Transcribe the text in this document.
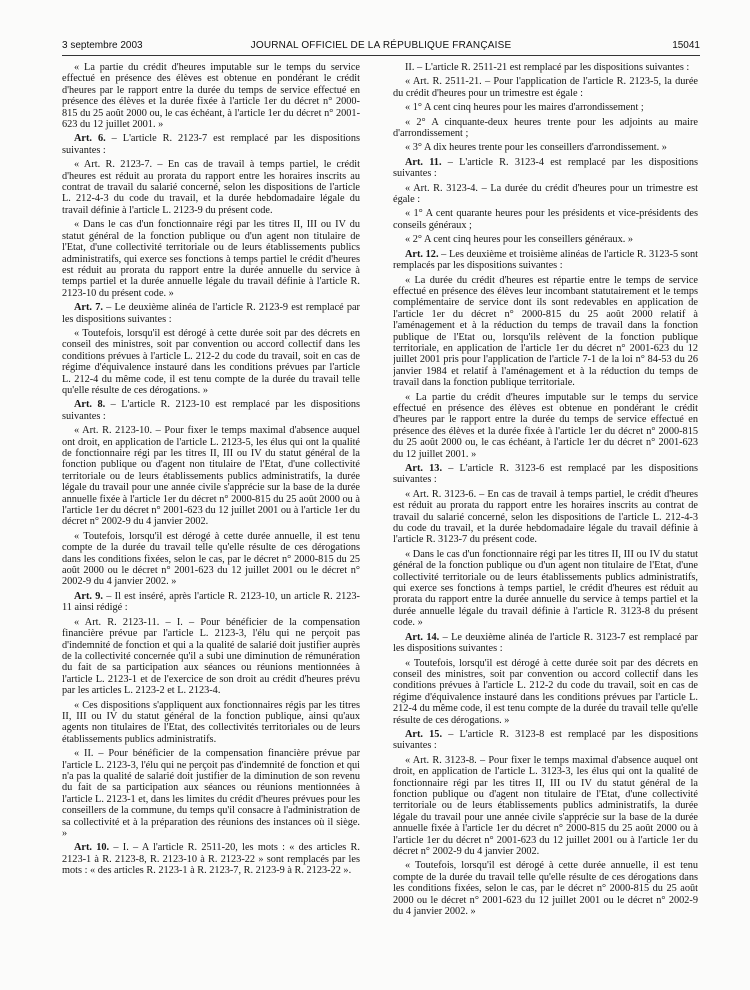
3 septembre 2003	JOURNAL OFFICIEL DE LA RÉPUBLIQUE FRANÇAISE	15041

« La partie du crédit d'heures imputable sur le temps du service effectué en présence des élèves est obtenue en pondérant le crédit d'heures par le rapport entre la durée du temps de service effectué en présence des élèves et la durée fixée à l'article 1er du décret n° 2000-815 du 25 août 2000 ou, le cas échéant, à l'article 1er du décret n° 2001-623 du 12 juillet 2001. »

Art. 6. – L'article R. 2123-7 est remplacé par les dispositions suivantes :

« Art. R. 2123-7. – En cas de travail à temps partiel, le crédit d'heures est réduit au prorata du rapport entre les horaires inscrits au contrat de travail du salarié concerné, selon les dispositions de l'article L. 212-4-3 du code du travail, et la durée hebdomadaire légale du travail définie à l'article L. 2123-9 du présent code.

« Dans le cas d'un fonctionnaire régi par les titres II, III ou IV du statut général de la fonction publique ou d'un agent non titulaire de l'Etat, d'une collectivité territoriale ou de leurs établissements publics administratifs, qui exerce ses fonctions à temps partiel le crédit d'heures est réduit au prorata du rapport entre la durée annuelle du service à temps partiel et la durée annuelle légale du travail définie à l'article R. 2123-10 du présent code. »

Art. 7. – Le deuxième alinéa de l'article R. 2123-9 est remplacé par les dispositions suivantes :

« Toutefois, lorsqu'il est dérogé à cette durée soit par des décrets en conseil des ministres, soit par convention ou accord collectif dans les conditions prévues à l'article L. 212-2 du code du travail, soit en cas de régime d'équivalence instauré dans les conditions prévues par l'article L. 212-4 du même code, il est tenu compte de la durée du travail telle qu'elle résulte de ces dérogations. »

Art. 8. – L'article R. 2123-10 est remplacé par les dispositions suivantes :

« Art. R. 2123-10. – Pour fixer le temps maximal d'absence auquel ont droit, en application de l'article L. 2123-5, les élus qui ont la qualité de fonctionnaire régi par les titres II, III ou IV du statut général de la fonction publique ou d'agent non titulaire de l'Etat, d'une collectivité territoriale ou de leurs établissements publics administratifs, la durée légale du travail pour une année civile s'apprécie sur la base de la durée annuelle fixée à l'article 1er du décret n° 2000-815 du 25 août 2000 ou à l'article 1er du décret n° 2001-623 du 12 juillet 2001 ou à l'article 1er du décret n° 2002-9 du 4 janvier 2002.

« Toutefois, lorsqu'il est dérogé à cette durée annuelle, il est tenu compte de la durée du travail telle qu'elle résulte de ces dérogations dans les conditions fixées, selon le cas, par le décret n° 2000-815 du 25 août 2000 ou le décret n° 2001-623 du 12 juillet 2001 ou le décret n° 2002-9 du 4 janvier 2002. »

Art. 9. – Il est inséré, après l'article R. 2123-10, un article R. 2123-11 ainsi rédigé :

« Art. R. 2123-11. – I. – Pour bénéficier de la compensation financière prévue par l'article L. 2123-3, l'élu qui ne perçoit pas d'indemnité de fonction et qui a la qualité de salarié doit justifier auprès de la collectivité concernée qu'il a subi une diminution de rémunération du fait de sa participation aux séances ou réunions mentionnées à l'article L. 2123-1 et de l'exercice de son droit au crédit d'heures prévu par les articles L. 2123-2 et L. 2123-4.

« Ces dispositions s'appliquent aux fonctionnaires régis par les titres II, III ou IV du statut général de la fonction publique, ainsi qu'aux agents non titulaires de l'Etat, des collectivités territoriales ou de leurs établissements publics administratifs.

« II. – Pour bénéficier de la compensation financière prévue par l'article L. 2123-3, l'élu qui ne perçoit pas d'indemnité de fonction et qui n'a pas la qualité de salarié doit justifier de la diminution de son revenu du fait de sa participation aux séances ou réunions mentionnées à l'article L. 2123-1 et, dans les limites du crédit d'heures prévues pour les conseillers de la commune, du temps qu'il consacre à l'administration de sa collectivité et à la préparation des réunions des instances où il siège. »

Art. 10. – I. – A l'article R. 2511-20, les mots : « des articles R. 2123-1 à R. 2123-8, R. 2123-10 à R. 2123-22 » sont remplacés par les mots : « des articles R. 2123-1 à R. 2123-7, R. 2123-9 à R. 2123-22 ».

II. – L'article R. 2511-21 est remplacé par les dispositions suivantes :

« Art. R. 2511-21. – Pour l'application de l'article R. 2123-5, la durée du crédit d'heures pour un trimestre est égale :

« 1° A cent cinq heures pour les maires d'arrondissement ;

« 2° A cinquante-deux heures trente pour les adjoints au maire d'arrondissement ;

« 3° A dix heures trente pour les conseillers d'arrondissement. »

Art. 11. – L'article R. 3123-4 est remplacé par les dispositions suivantes :

« Art. R. 3123-4. – La durée du crédit d'heures pour un trimestre est égale :

« 1° A cent quarante heures pour les présidents et vice-présidents des conseils généraux ;

« 2° A cent cinq heures pour les conseillers généraux. »

Art. 12. – Les deuxième et troisième alinéas de l'article R. 3123-5 sont remplacés par les dispositions suivantes :

« La durée du crédit d'heures est répartie entre le temps de service effectué en présence des élèves leur incombant statutairement et le temps complémentaire de service dont ils sont redevables en application de l'article 1er du décret n° 2000-815 du 25 août 2000 relatif à l'aménagement et à la réduction du temps de travail dans la fonction publique de l'Etat ou, lorsqu'ils relèvent de la fonction publique territoriale, en application de l'article 1er du décret n° 2001-623 du 12 juillet 2001 pris pour l'application de l'article 7-1 de la loi n° 84-53 du 26 janvier 1984 et relatif à l'aménagement et à la réduction du temps de travail dans la fonction publique territoriale.

« La partie du crédit d'heures imputable sur le temps du service effectué en présence des élèves est obtenue en pondérant le crédit d'heures par le rapport entre la durée du temps de service effectué en présence des élèves et la durée fixée à l'article 1er du décret n° 2000-815 du 25 août 2000 ou, le cas échéant, à l'article 1er du décret n° 2001-623 du 12 juillet 2001. »

Art. 13. – L'article R. 3123-6 est remplacé par les dispositions suivantes :

« Art. R. 3123-6. – En cas de travail à temps partiel, le crédit d'heures est réduit au prorata du rapport entre les horaires inscrits au contrat de travail du salarié concerné, selon les dispositions de l'article L. 212-4-3 du code du travail, et la durée hebdomadaire légale du travail définie à l'article R. 3123-7 du présent code.

« Dans le cas d'un fonctionnaire régi par les titres II, III ou IV du statut général de la fonction publique ou d'un agent non titulaire de l'Etat, d'une collectivité territoriale ou de leurs établissements publics administratifs, qui exerce ses fonctions à temps partiel, le crédit d'heures est réduit au prorata du rapport entre la durée annuelle du service à temps partiel et la durée annuelle légale du travail définie à l'article R. 3123-8 du présent code. »

Art. 14. – Le deuxième alinéa de l'article R. 3123-7 est remplacé par les dispositions suivantes :

« Toutefois, lorsqu'il est dérogé à cette durée soit par des décrets en conseil des ministres, soit par convention ou accord collectif dans les conditions prévues à l'article L. 212-2 du code du travail, soit en cas de régime d'équivalence instauré dans les conditions prévues par l'article L. 212-4 du même code, il est tenu compte de la durée du travail telle qu'elle résulte de ces dérogations. »

Art. 15. – L'article R. 3123-8 est remplacé par les dispositions suivantes :

« Art. R. 3123-8. – Pour fixer le temps maximal d'absence auquel ont droit, en application de l'article L. 3123-3, les élus qui ont la qualité de fonctionnaire régi par les titres II, III ou IV du statut général de la fonction publique ou d'agent non titulaire de l'Etat, d'une collectivité territoriale ou de leurs établissements publics administratifs, la durée légale du travail pour une année civile s'apprécie sur la base de la durée annuelle fixée à l'article 1er du décret n° 2000-815 du 25 août 2000 ou à l'article 1er du décret n° 2001-623 du 12 juillet 2001 ou à l'article 1er du décret n° 2002-9 du 4 janvier 2002.

« Toutefois, lorsqu'il est dérogé à cette durée annuelle, il est tenu compte de la durée du travail telle qu'elle résulte de ces dérogations dans les conditions fixées, selon le cas, par le décret n° 2000-815 du 25 août 2000 ou le décret n° 2001-623 du 12 juillet 2001 ou le décret n° 2002-9 du 4 janvier 2002. »
